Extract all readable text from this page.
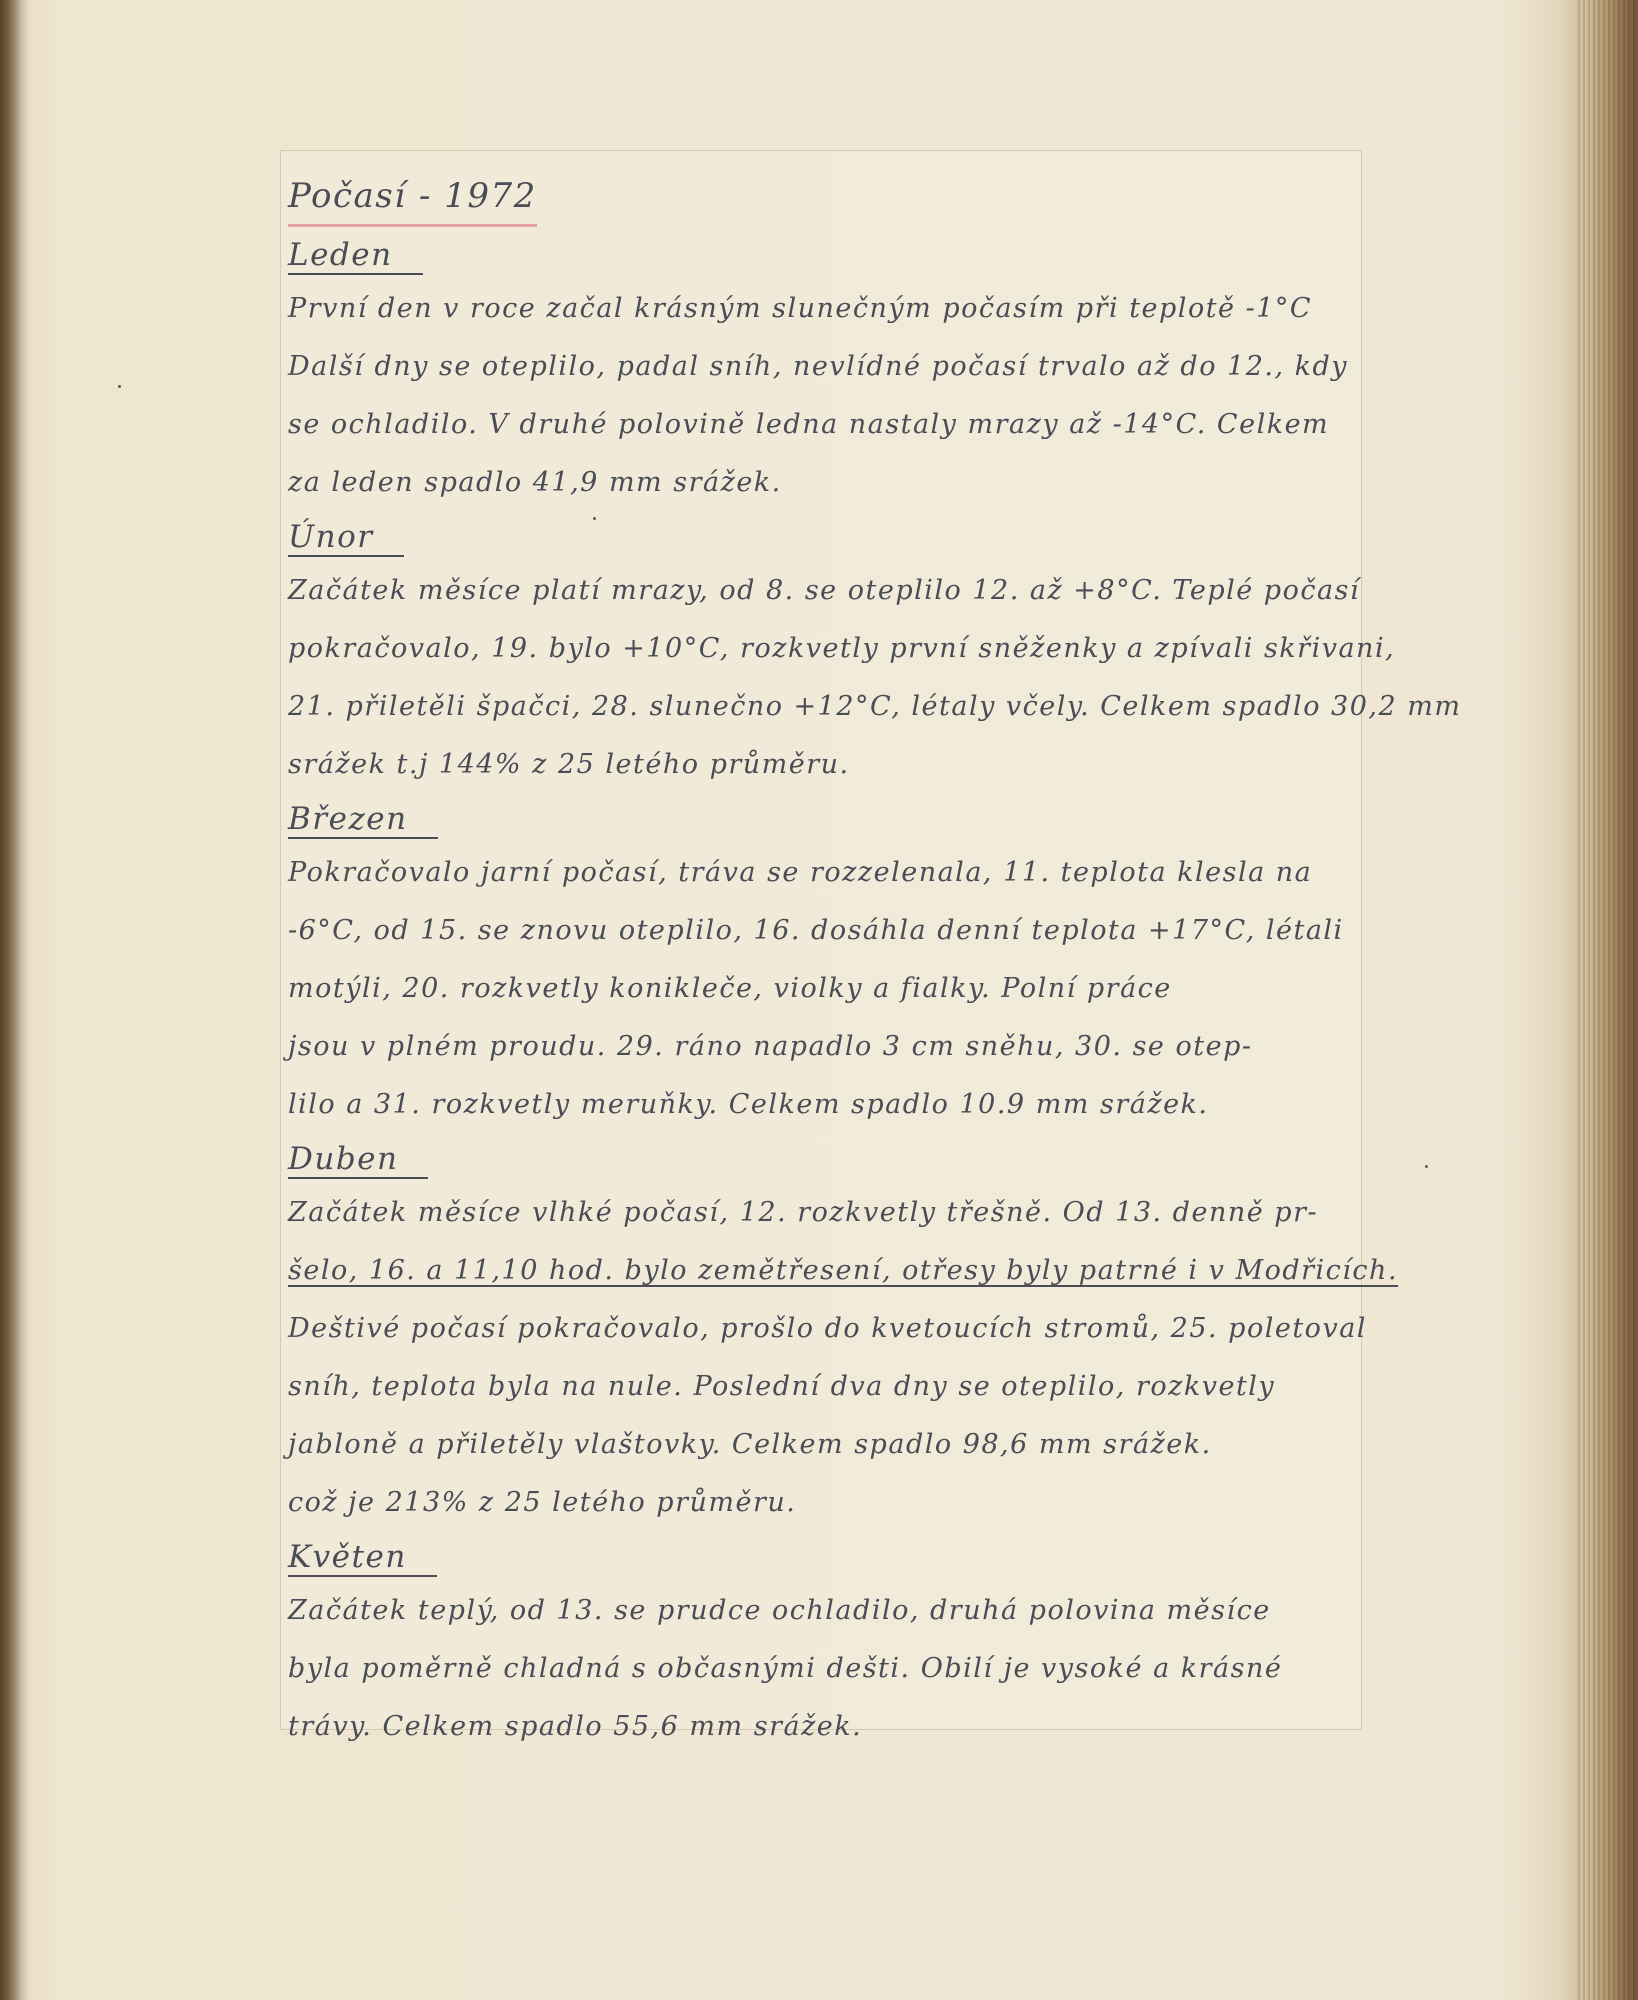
Počasí - 1972
Leden
První den v roce začal krásným slunečným počasím při teplotě -1°C
Další dny se oteplilo, padal sníh, nevlídné počasí trvalo až do 12., kdy
se ochladilo. V druhé polovině ledna nastaly mrazy až -14°C. Celkem
za leden spadlo 41,9 mm srážek.
Únor
Začátek měsíce platí mrazy, od 8. se oteplilo 12. až +8°C. Teplé počasí
pokračovalo, 19. bylo +10°C, rozkvetly první sněženky a zpívali skřivani,
21. přiletěli špačci, 28. slunečno +12°C, létaly včely. Celkem spadlo 30,2 mm
srážek t.j 144% z 25 letého průměru.
Březen
Pokračovalo jarní počasí, tráva se rozzelenala, 11. teplota klesla na
-6°C, od 15. se znovu oteplilo, 16. dosáhla denní teplota +17°C, létali
motýli, 20. rozkvetly konikleče, violky a fialky. Polní práce
jsou v plném proudu. 29. ráno napadlo 3 cm sněhu, 30. se otep-
lilo a 31. rozkvetly meruňky. Celkem spadlo 10.9 mm srážek.
Duben
Začátek měsíce vlhké počasí, 12. rozkvetly třešně. Od 13. denně pr-
šelo, 16. a 11,10 hod. bylo zemětřesení, otřesy byly patrné i v Modřicích.
Deštivé počasí pokračovalo, prošlo do kvetoucích stromů, 25. poletoval
sníh, teplota byla na nule. Poslední dva dny se oteplilo, rozkvetly
jabloně a přiletěly vlaštovky. Celkem spadlo 98,6 mm srážek.
což je 213% z 25 letého průměru.
Květen
Začátek teplý, od 13. se prudce ochladilo, druhá polovina měsíce
byla poměrně chladná s občasnými dešti. Obilí je vysoké a krásné
trávy. Celkem spadlo 55,6 mm srážek.
